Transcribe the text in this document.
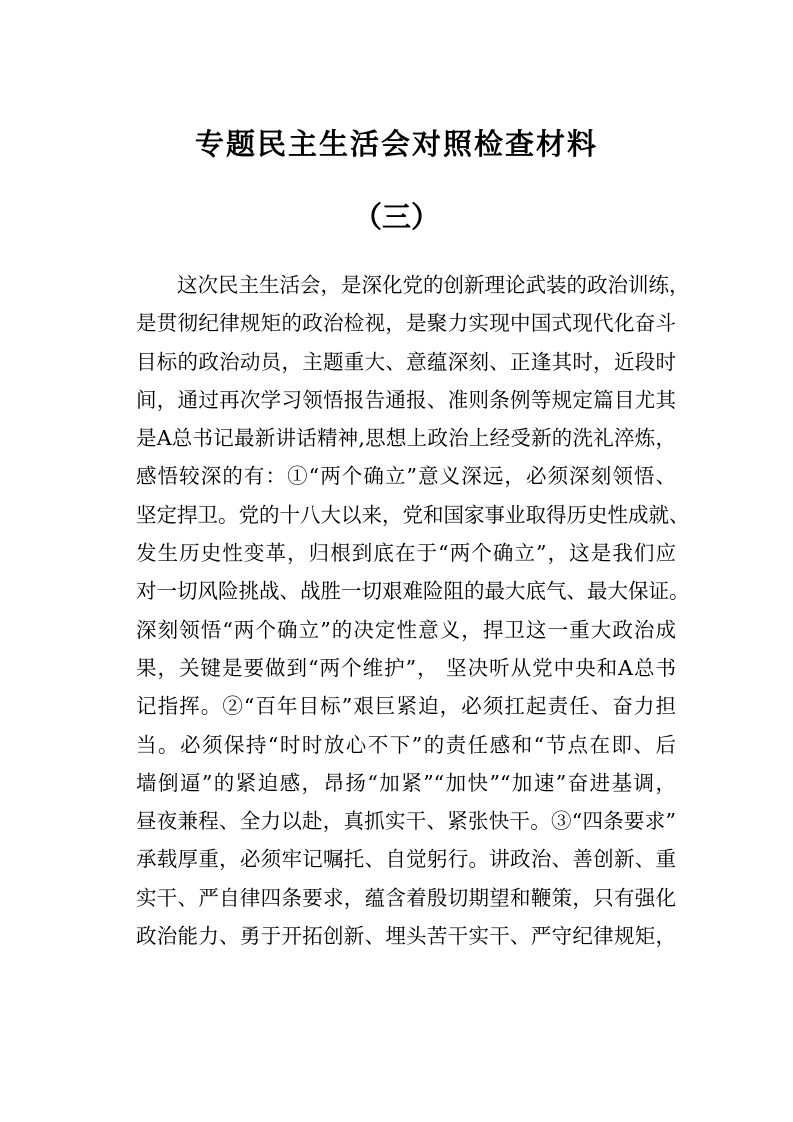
专题民主生活会对照检查材料
（三）
这次民主生活会，是深化党的创新理论武装的政治训练，
是贯彻纪律规矩的政治检视，是聚力实现中国式现代化奋斗
目标的政治动员，主题重大、意蕴深刻、正逢其时，近段时
间，通过再次学习领悟报告通报、准则条例等规定篇目尤其
是A总书记最新讲话精神,思想上政治上经受新的洗礼淬炼，
感悟较深的有：①“两个确立”意义深远，必须深刻领悟、
坚定捍卫。党的十八大以来，党和国家事业取得历史性成就、
发生历史性变革，归根到底在于“两个确立”，这是我们应
对一切风险挑战、战胜一切艰难险阻的最大底气、最大保证。
深刻领悟“两个确立”的决定性意义，捍卫这一重大政治成
果，关键是要做到“两个维护”， 坚决听从党中央和A总书
记指挥。②“百年目标”艰巨紧迫，必须扛起责任、奋力担
当。必须保持“时时放心不下”的责任感和“节点在即、后
墙倒逼”的紧迫感，昂扬“加紧”“加快”“加速”奋进基调，
昼夜兼程、全力以赴，真抓实干、紧张快干。③“四条要求”
承载厚重，必须牢记嘱托、自觉躬行。讲政治、善创新、重
实干、严自律四条要求，蕴含着殷切期望和鞭策，只有强化
政治能力、勇于开拓创新、埋头苦干实干、严守纪律规矩，
